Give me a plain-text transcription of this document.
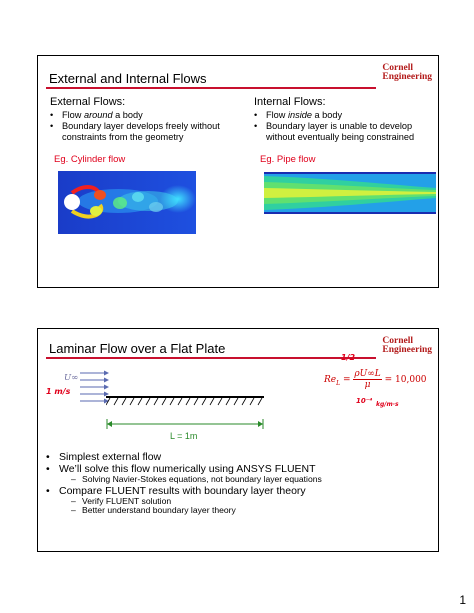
Cornell
Engineering
External and Internal Flows
External Flows:
• Flow around a body
• Boundary layer develops freely without constraints from the geometry
Eg. Cylinder flow
Internal Flows:
• Flow inside a body
• Boundary layer is unable to develop without eventually being constrained
Eg. Pipe flow
Cornell
Engineering
Laminar Flow over a Flat Plate
U∞
1 m/s
L = 1m
1/2
$Re_L = \frac{\rho U\infty L}{\mu} = 10,000$
10⁻⁴ kg/m·s
• Simplest external flow
• We’ll solve this flow numerically using ANSYS FLUENT
– Solving Navier-Stokes equations, not boundary layer equations
• Compare FLUENT results with boundary layer theory
– Verify FLUENT solution
– Better understand boundary layer theory
1
